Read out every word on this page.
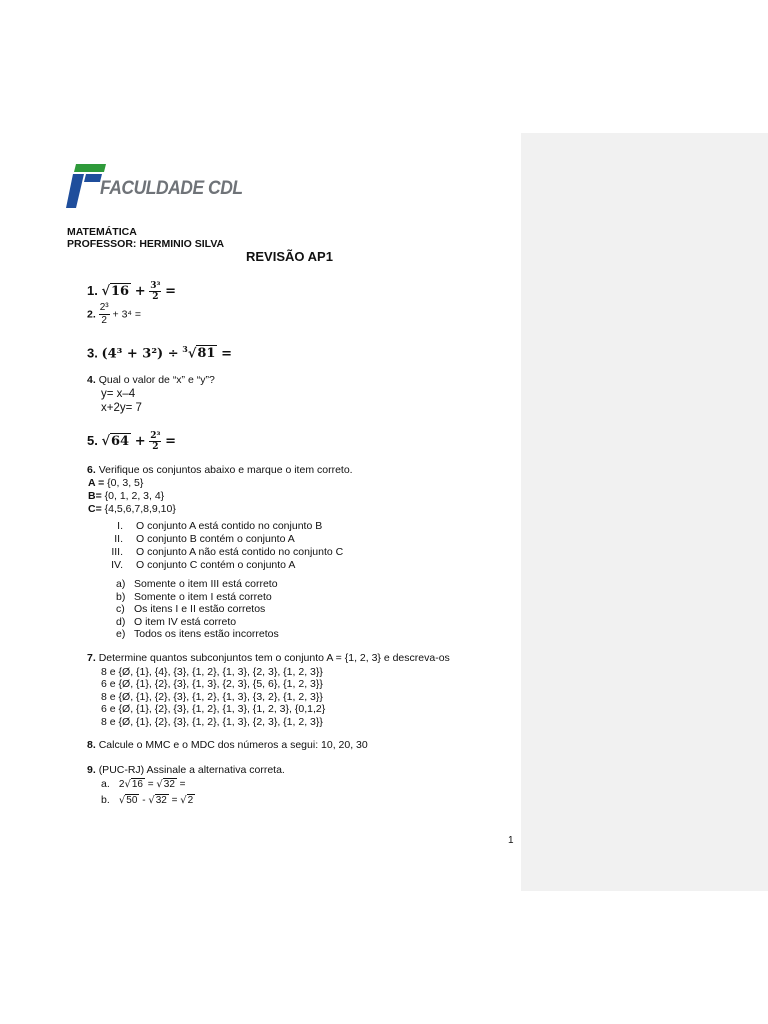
FACULDADE CDL
MATEMÁTICA
PROFESSOR: HERMINIO SILVA
REVISÃO AP1
1. $√16 + \frac{\text{3³}}{2}$ =
2. $\frac{\text{2³}}{2} + 3^4$ =
3. (4³ + 3²) ÷ $^3$√81 =
4. Qual o valor de “x” e “y”?
y= x–4
x+2y= 7
5. $√64 + \frac{\text{2³}}{2}$ =
6. Verifique os conjuntos abaixo e marque o item correto.
A = {0, 3, 5}
B= {0, 1, 2, 3, 4}
C= {4,5,6,7,8,9,10}
I. O conjunto A está contido no conjunto B
II. O conjunto B contém o conjunto A
III. O conjunto A não está contido no conjunto C
IV. O conjunto C contém o conjunto A
a) Somente o item III está correto
b) Somente o item I está correto
c) Os itens I e II estão corretos
d) O item IV está correto
e) Todos os itens estão incorretos
7. Determine quantos subconjuntos tem o conjunto A = {1, 2, 3} e descreva-os
8 e {Ø, {1}, {4}, {3}, {1, 2}, {1, 3}, {2, 3}, {1, 2, 3}}
6 e {Ø, {1}, {2}, {3}, {1, 3}, {2, 3}, {5, 6}, {1, 2, 3}}
8 e {Ø, {1}, {2}, {3}, {1, 2}, {1, 3}, {3, 2}, {1, 2, 3}}
6 e {Ø, {1}, {2}, {3}, {1, 2}, {1, 3}, {1, 2, 3}, {0,1,2}
8 e {Ø, {1}, {2}, {3}, {1, 2}, {1, 3}, {2, 3}, {1, 2, 3}}
8. Calcule o MMC e o MDC dos números a segui: 10, 20, 30
9. (PUC-RJ) Assinale a alternativa correta.
a. 2√16 = √32 =
b. √50 - √32 = √2
1
